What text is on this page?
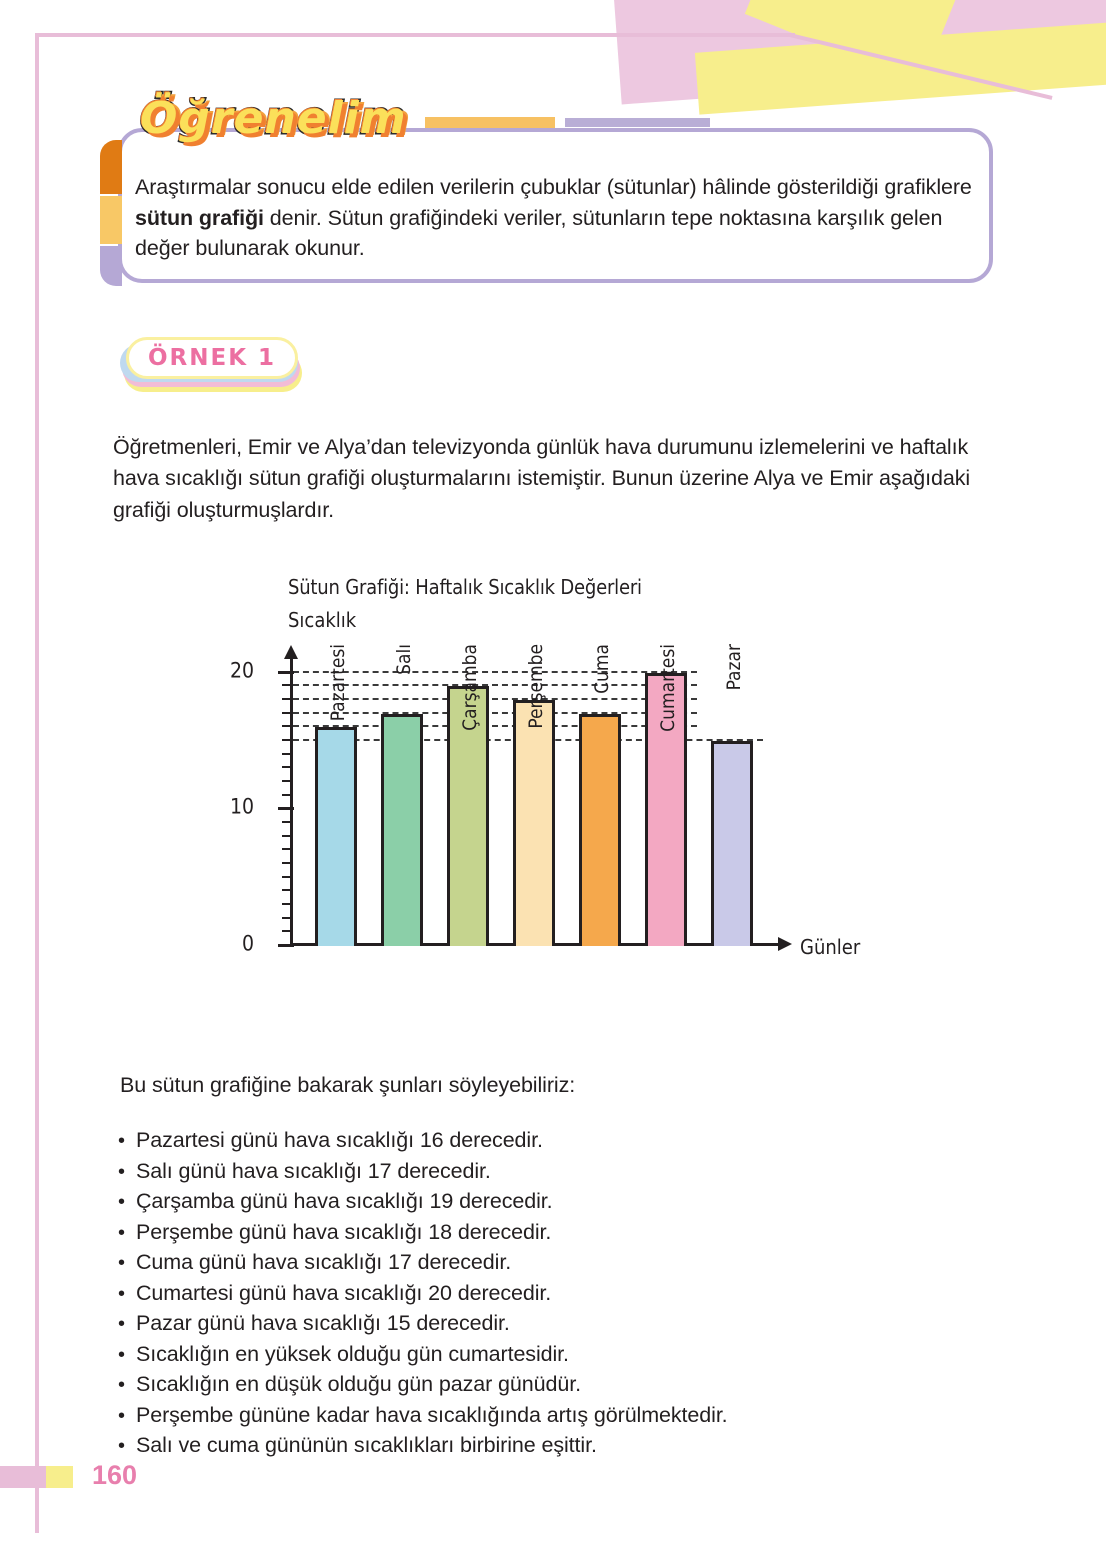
Öğrenelim
Araştırmalar sonucu elde edilen verilerin çubuklar (sütunlar) hâlinde gösterildiği grafiklere sütun grafiği denir. Sütun grafiğindeki veriler, sütunların tepe noktasına karşılık gelen değer bulunarak okunur.
ÖRNEK 1
Öğretmenleri, Emir ve Alya’dan televizyonda günlük hava durumunu izlemelerini ve haftalık hava sıcaklığı sütun grafiği oluşturmalarını istemiştir. Bunun üzerine Alya ve Emir aşağıdaki grafiği oluşturmuşlardır.
Sütun Grafiği: Haftalık Sıcaklık Değerleri
Sıcaklık
Günler
0
10
20	Pazartesi Salı Çarşamba Perşembe Cuma Cumartesi Pazar
Bu sütun grafiğine bakarak şunları söyleyebiliriz:
• Pazartesi günü hava sıcaklığı 16 derecedir.
• Salı günü hava sıcaklığı 17 derecedir.
• Çarşamba günü hava sıcaklığı 19 derecedir.
• Perşembe günü hava sıcaklığı 18 derecedir.
• Cuma günü hava sıcaklığı 17 derecedir.
• Cumartesi günü hava sıcaklığı 20 derecedir.
• Pazar günü hava sıcaklığı 15 derecedir.
• Sıcaklığın en yüksek olduğu gün cumartesidir.
• Sıcaklığın en düşük olduğu gün pazar günüdür.
• Perşembe gününe kadar hava sıcaklığında artış görülmektedir.
• Salı ve cuma gününün sıcaklıkları birbirine eşittir.
160
